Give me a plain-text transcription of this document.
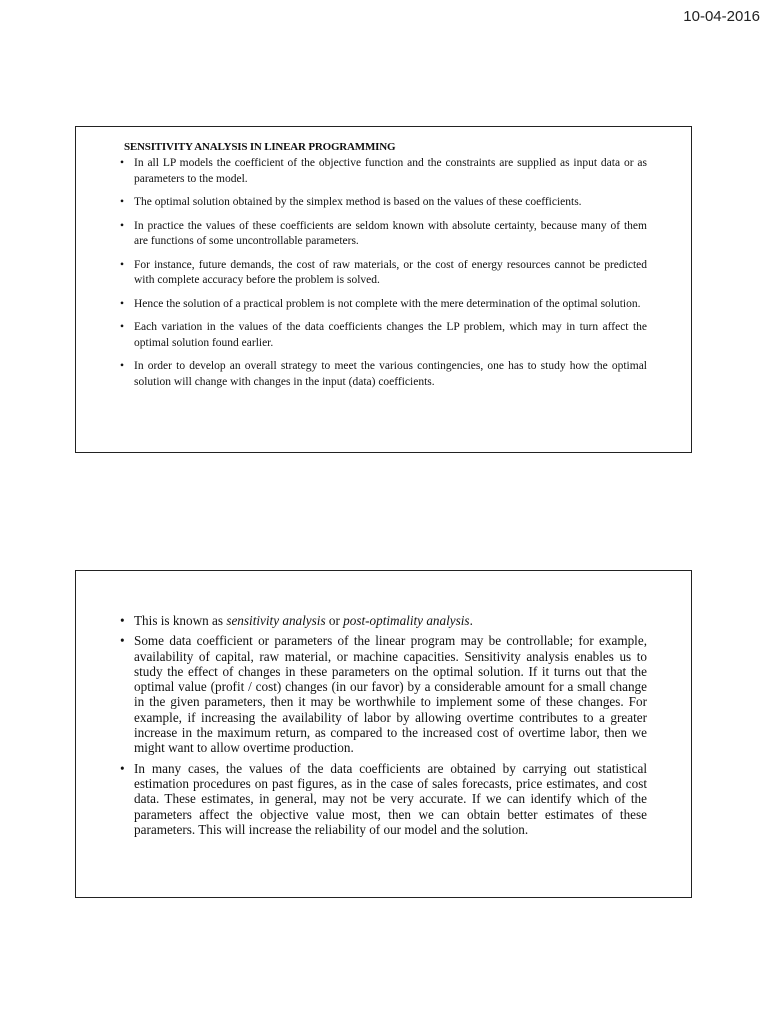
10-04-2016
SENSITIVITY ANALYSIS IN LINEAR PROGRAMMING
• In all LP models the coefficient of the objective function and the constraints are supplied as input data or as parameters to the model.
• The optimal solution obtained by the simplex method is based on the values of these coefficients.
• In practice the values of these coefficients are seldom known with absolute certainty, because many of them are functions of some uncontrollable parameters.
• For instance, future demands, the cost of raw materials, or the cost of energy resources cannot be predicted with complete accuracy before the problem is solved.
• Hence the solution of a practical problem is not complete with the mere determination of the optimal solution.
• Each variation in the values of the data coefficients changes the LP problem, which may in turn affect the optimal solution found earlier.
• In order to develop an overall strategy to meet the various contingencies, one has to study how the optimal solution will change with changes in the input (data) coefficients.
• This is known as sensitivity analysis or post-optimality analysis.
• Some data coefficient or parameters of the linear program may be controllable; for example, availability of capital, raw material, or machine capacities. Sensitivity analysis enables us to study the effect of changes in these parameters on the optimal solution. If it turns out that the optimal value (profit / cost) changes (in our favor) by a considerable amount for a small change in the given parameters, then it may be worthwhile to implement some of these changes. For example, if increasing the availability of labor by allowing overtime contributes to a greater increase in the maximum return, as compared to the increased cost of overtime labor, then we might want to allow overtime production.
• In many cases, the values of the data coefficients are obtained by carrying out statistical estimation procedures on past figures, as in the case of sales forecasts, price estimates, and cost data. These estimates, in general, may not be very accurate. If we can identify which of the parameters affect the objective value most, then we can obtain better estimates of these parameters. This will increase the reliability of our model and the solution.
